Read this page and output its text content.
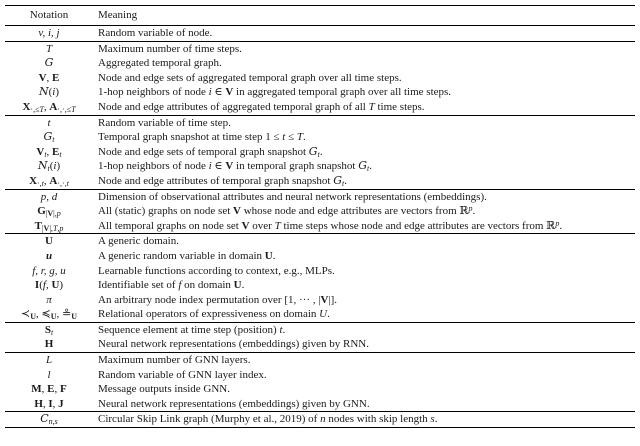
Notation	Meaning
v, i, j	Random variable of node.
T	Maximum number of time steps.
G	Aggregated temporal graph.
V, E	Node and edge sets of aggregated temporal graph over all time steps.
N(i)	1-hop neighbors of node i ∈ V in aggregated temporal graph over all time steps.
$X_{\cdot,\le T}$, $A_{\cdot,\cdot,\le T}$	Node and edge attributes of aggregated temporal graph of all T time steps.
t	Random variable of time step.
$G_t$	Temporal graph snapshot at time step 1 ≤ t ≤ T.
$V_t$, $E_t$	Node and edge sets of temporal graph snapshot $G_t$.
$N_t(i)$	1-hop neighbors of node i ∈ V in temporal graph snapshot $G_t$.
$X_{\cdot,t}$, $A_{\cdot,\cdot,t}$	Node and edge attributes of temporal graph snapshot $G_t$.
p, d	Dimension of observational attributes and neural network representations (embeddings).
$G_{|V|,p}$	All (static) graphs on node set V whose node and edge attributes are vectors from ℝ$^p$.
$T_{|V|,T,p}$	All temporal graphs on node set V over T time steps whose node and edge attributes are vectors from ℝ$^p$.
U	A generic domain.
u	A generic random variable in domain U.
f, r, g, u	Learnable functions according to context, e.g., MLPs.
I(f, U)	Identifiable set of f on domain U.
π	An arbitrary node index permutation over [1, ··· , |V|].
$≺_U$, $≼_U$, $≗_U$	Relational operators of expressiveness on domain U.
$S_t$	Sequence element at time step (position) t.
H	Neural network representations (embeddings) given by RNN.
L	Maximum number of GNN layers.
l	Random variable of GNN layer index.
M, E, F	Message outputs inside GNN.
H, I, J	Neural network representations (embeddings) given by GNN.
$C_{n,s}$	Circular Skip Link graph (Murphy et al., 2019) of n nodes with skip length s.
